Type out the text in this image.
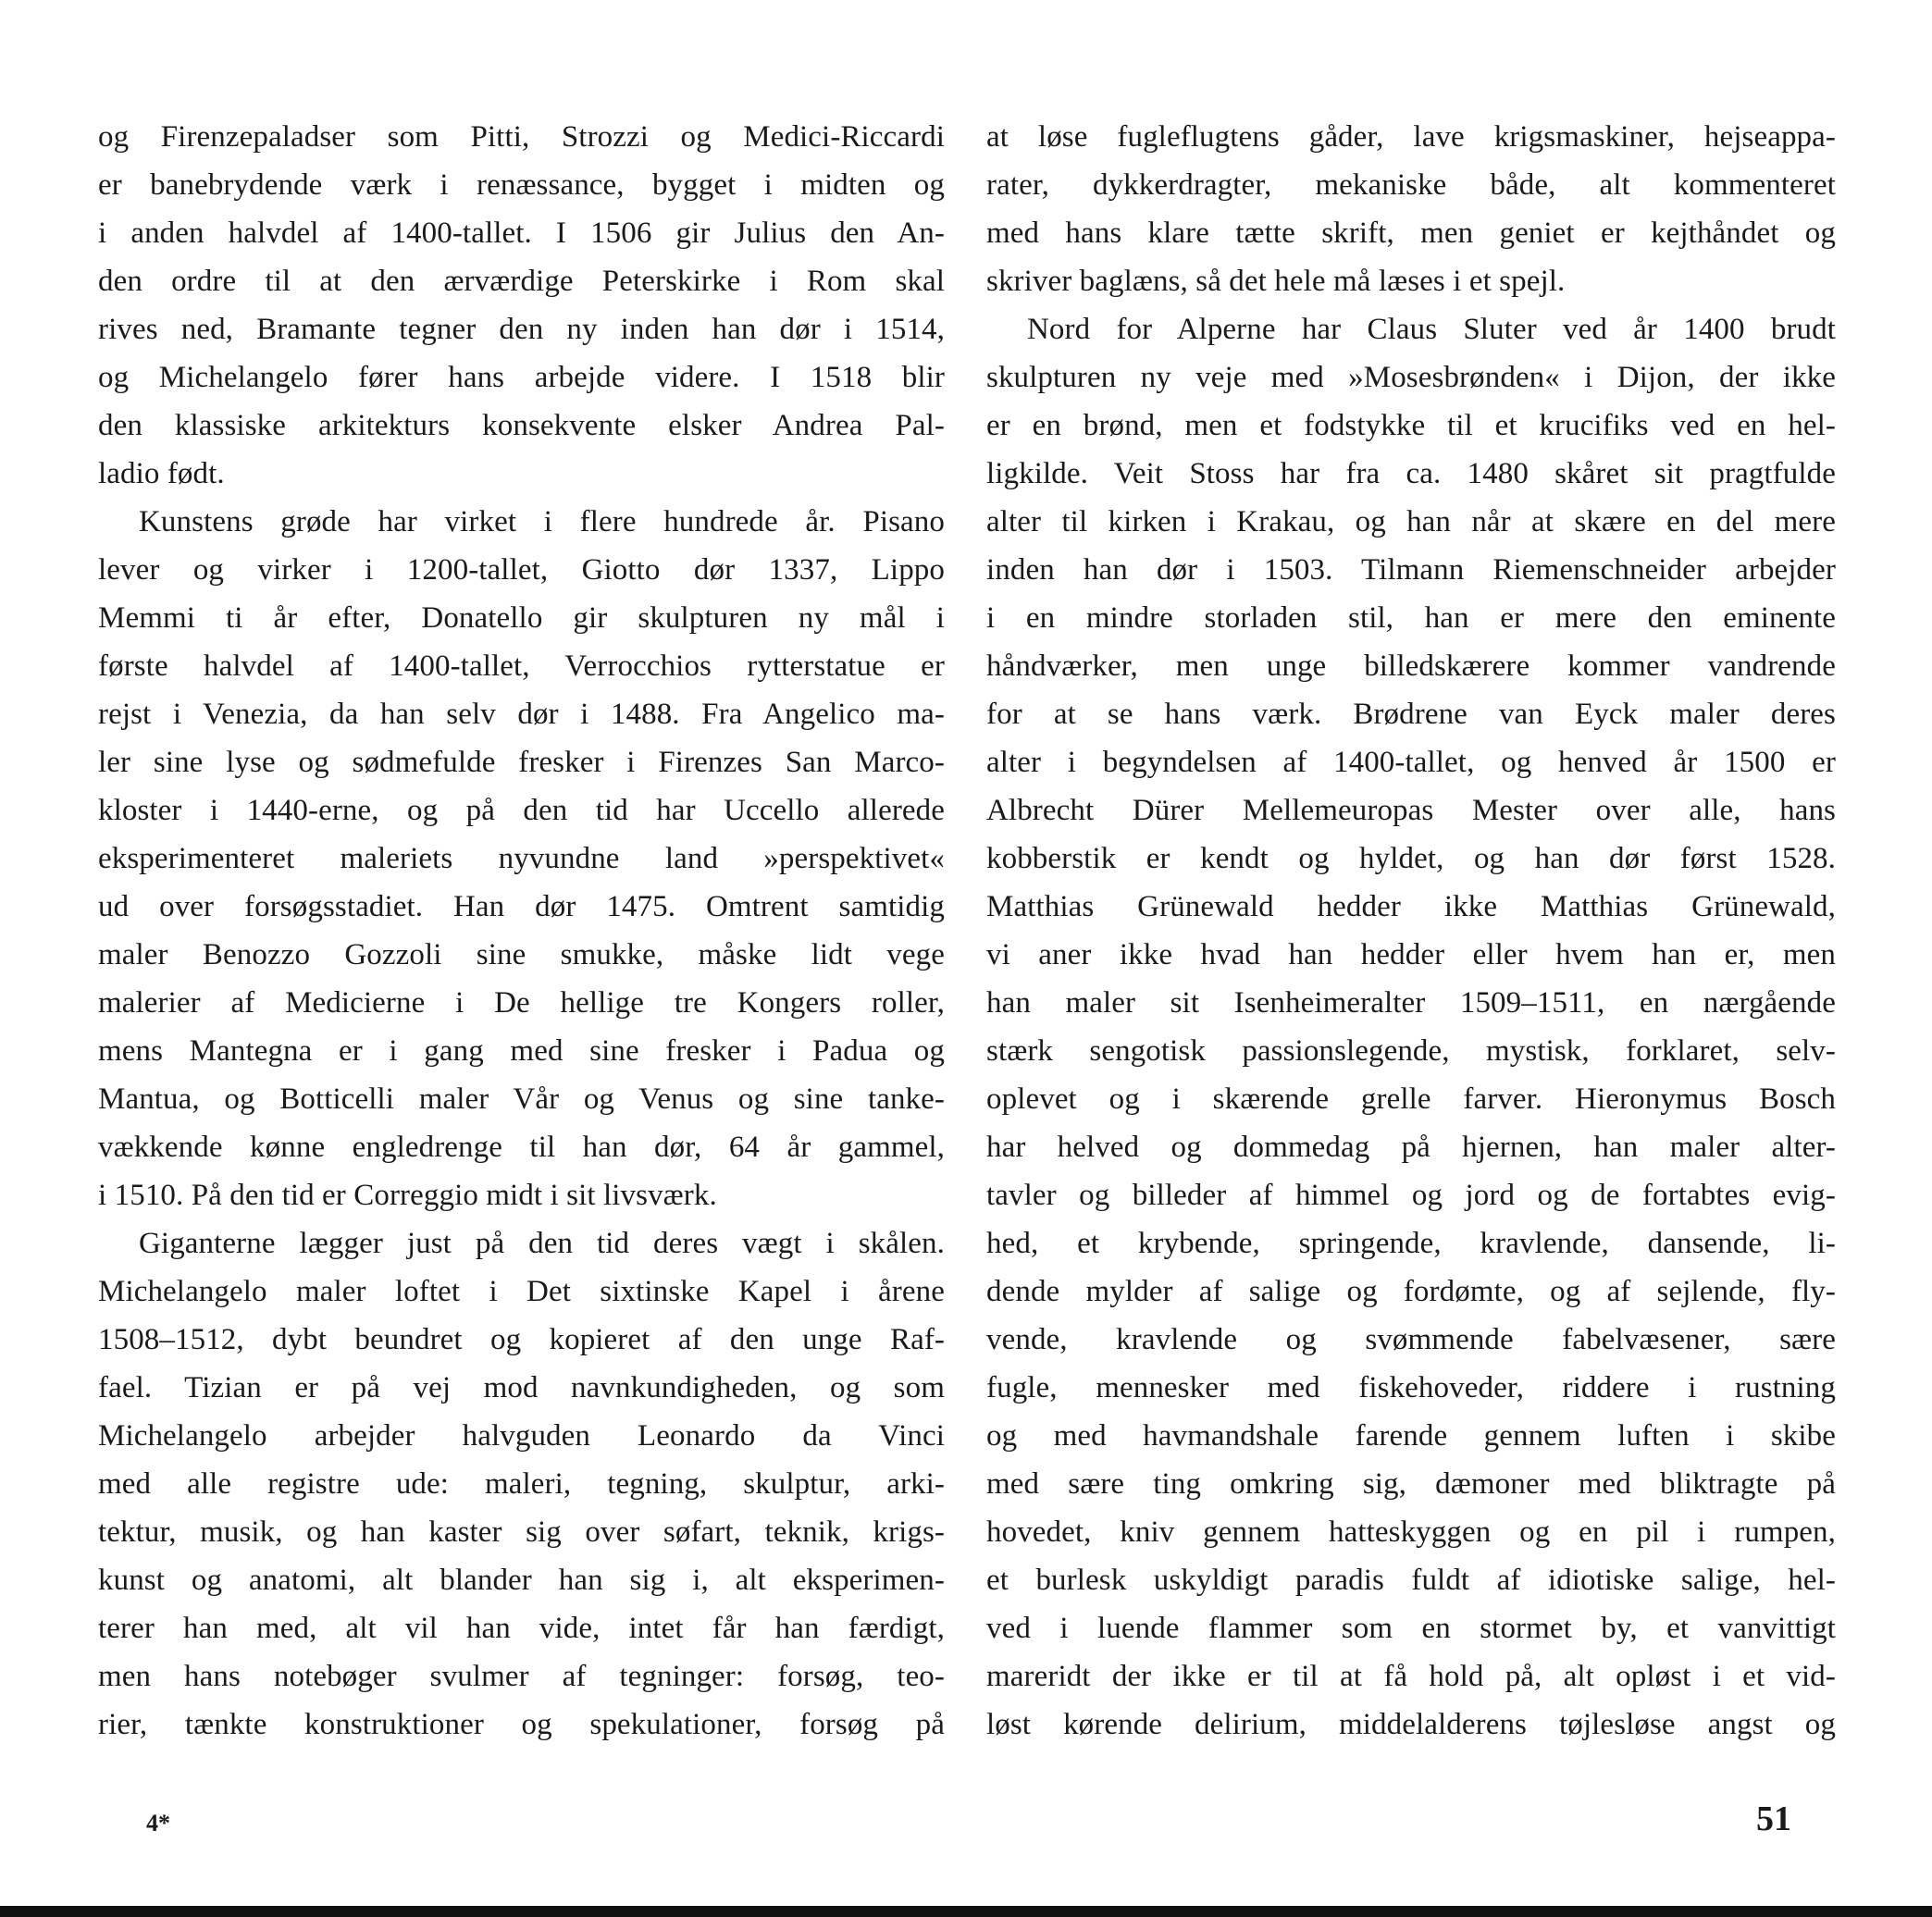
og Firenzepaladser som Pitti, Strozzi og Medici-Riccardi
er banebrydende værk i renæssance, bygget i midten og
i anden halvdel af 1400-tallet. I 1506 gir Julius den An-
den ordre til at den ærværdige Peterskirke i Rom skal
rives ned, Bramante tegner den ny inden han dør i 1514,
og Michelangelo fører hans arbejde videre. I 1518 blir
den klassiske arkitekturs konsekvente elsker Andrea Pal-
ladio født.
Kunstens grøde har virket i flere hundrede år. Pisano
lever og virker i 1200-tallet, Giotto dør 1337, Lippo
Memmi ti år efter, Donatello gir skulpturen ny mål i
første halvdel af 1400-tallet, Verrocchios rytterstatue er
rejst i Venezia, da han selv dør i 1488. Fra Angelico ma-
ler sine lyse og sødmefulde fresker i Firenzes San Marco-
kloster i 1440-erne, og på den tid har Uccello allerede
eksperimenteret maleriets nyvundne land »perspektivet«
ud over forsøgsstadiet. Han dør 1475. Omtrent samtidig
maler Benozzo Gozzoli sine smukke, måske lidt vege
malerier af Medicierne i De hellige tre Kongers roller,
mens Mantegna er i gang med sine fresker i Padua og
Mantua, og Botticelli maler Vår og Venus og sine tanke-
vækkende kønne engledrenge til han dør, 64 år gammel,
i 1510. På den tid er Correggio midt i sit livsværk.
Giganterne lægger just på den tid deres vægt i skålen.
Michelangelo maler loftet i Det sixtinske Kapel i årene
1508–1512, dybt beundret og kopieret af den unge Raf-
fael. Tizian er på vej mod navnkundigheden, og som
Michelangelo arbejder halvguden Leonardo da Vinci
med alle registre ude: maleri, tegning, skulptur, arki-
tektur, musik, og han kaster sig over søfart, teknik, krigs-
kunst og anatomi, alt blander han sig i, alt eksperimen-
terer han med, alt vil han vide, intet får han færdigt,
men hans notebøger svulmer af tegninger: forsøg, teo-
rier, tænkte konstruktioner og spekulationer, forsøg på
at løse fugleflugtens gåder, lave krigsmaskiner, hejseappa-
rater, dykkerdragter, mekaniske både, alt kommenteret
med hans klare tætte skrift, men geniet er kejthåndet og
skriver baglæns, så det hele må læses i et spejl.
Nord for Alperne har Claus Sluter ved år 1400 brudt
skulpturen ny veje med »Mosesbrønden« i Dijon, der ikke
er en brønd, men et fodstykke til et krucifiks ved en hel-
ligkilde. Veit Stoss har fra ca. 1480 skåret sit pragtfulde
alter til kirken i Krakau, og han når at skære en del mere
inden han dør i 1503. Tilmann Riemenschneider arbejder
i en mindre storladen stil, han er mere den eminente
håndværker, men unge billedskærere kommer vandrende
for at se hans værk. Brødrene van Eyck maler deres
alter i begyndelsen af 1400-tallet, og henved år 1500 er
Albrecht Dürer Mellemeuropas Mester over alle, hans
kobberstik er kendt og hyldet, og han dør først 1528.
Matthias Grünewald hedder ikke Matthias Grünewald,
vi aner ikke hvad han hedder eller hvem han er, men
han maler sit Isenheimeralter 1509–1511, en nærgående
stærk sengotisk passionslegende, mystisk, forklaret, selv-
oplevet og i skærende grelle farver. Hieronymus Bosch
har helved og dommedag på hjernen, han maler alter-
tavler og billeder af himmel og jord og de fortabtes evig-
hed, et krybende, springende, kravlende, dansende, li-
dende mylder af salige og fordømte, og af sejlende, fly-
vende, kravlende og svømmende fabelvæsener, sære
fugle, mennesker med fiskehoveder, riddere i rustning
og med havmandshale farende gennem luften i skibe
med sære ting omkring sig, dæmoner med bliktragte på
hovedet, kniv gennem hatteskyggen og en pil i rumpen,
et burlesk uskyldigt paradis fuldt af idiotiske salige, hel-
ved i luende flammer som en stormet by, et vanvittigt
mareridt der ikke er til at få hold på, alt opløst i et vid-
løst kørende delirium, middelalderens tøjlesløse angst og
4*	51
